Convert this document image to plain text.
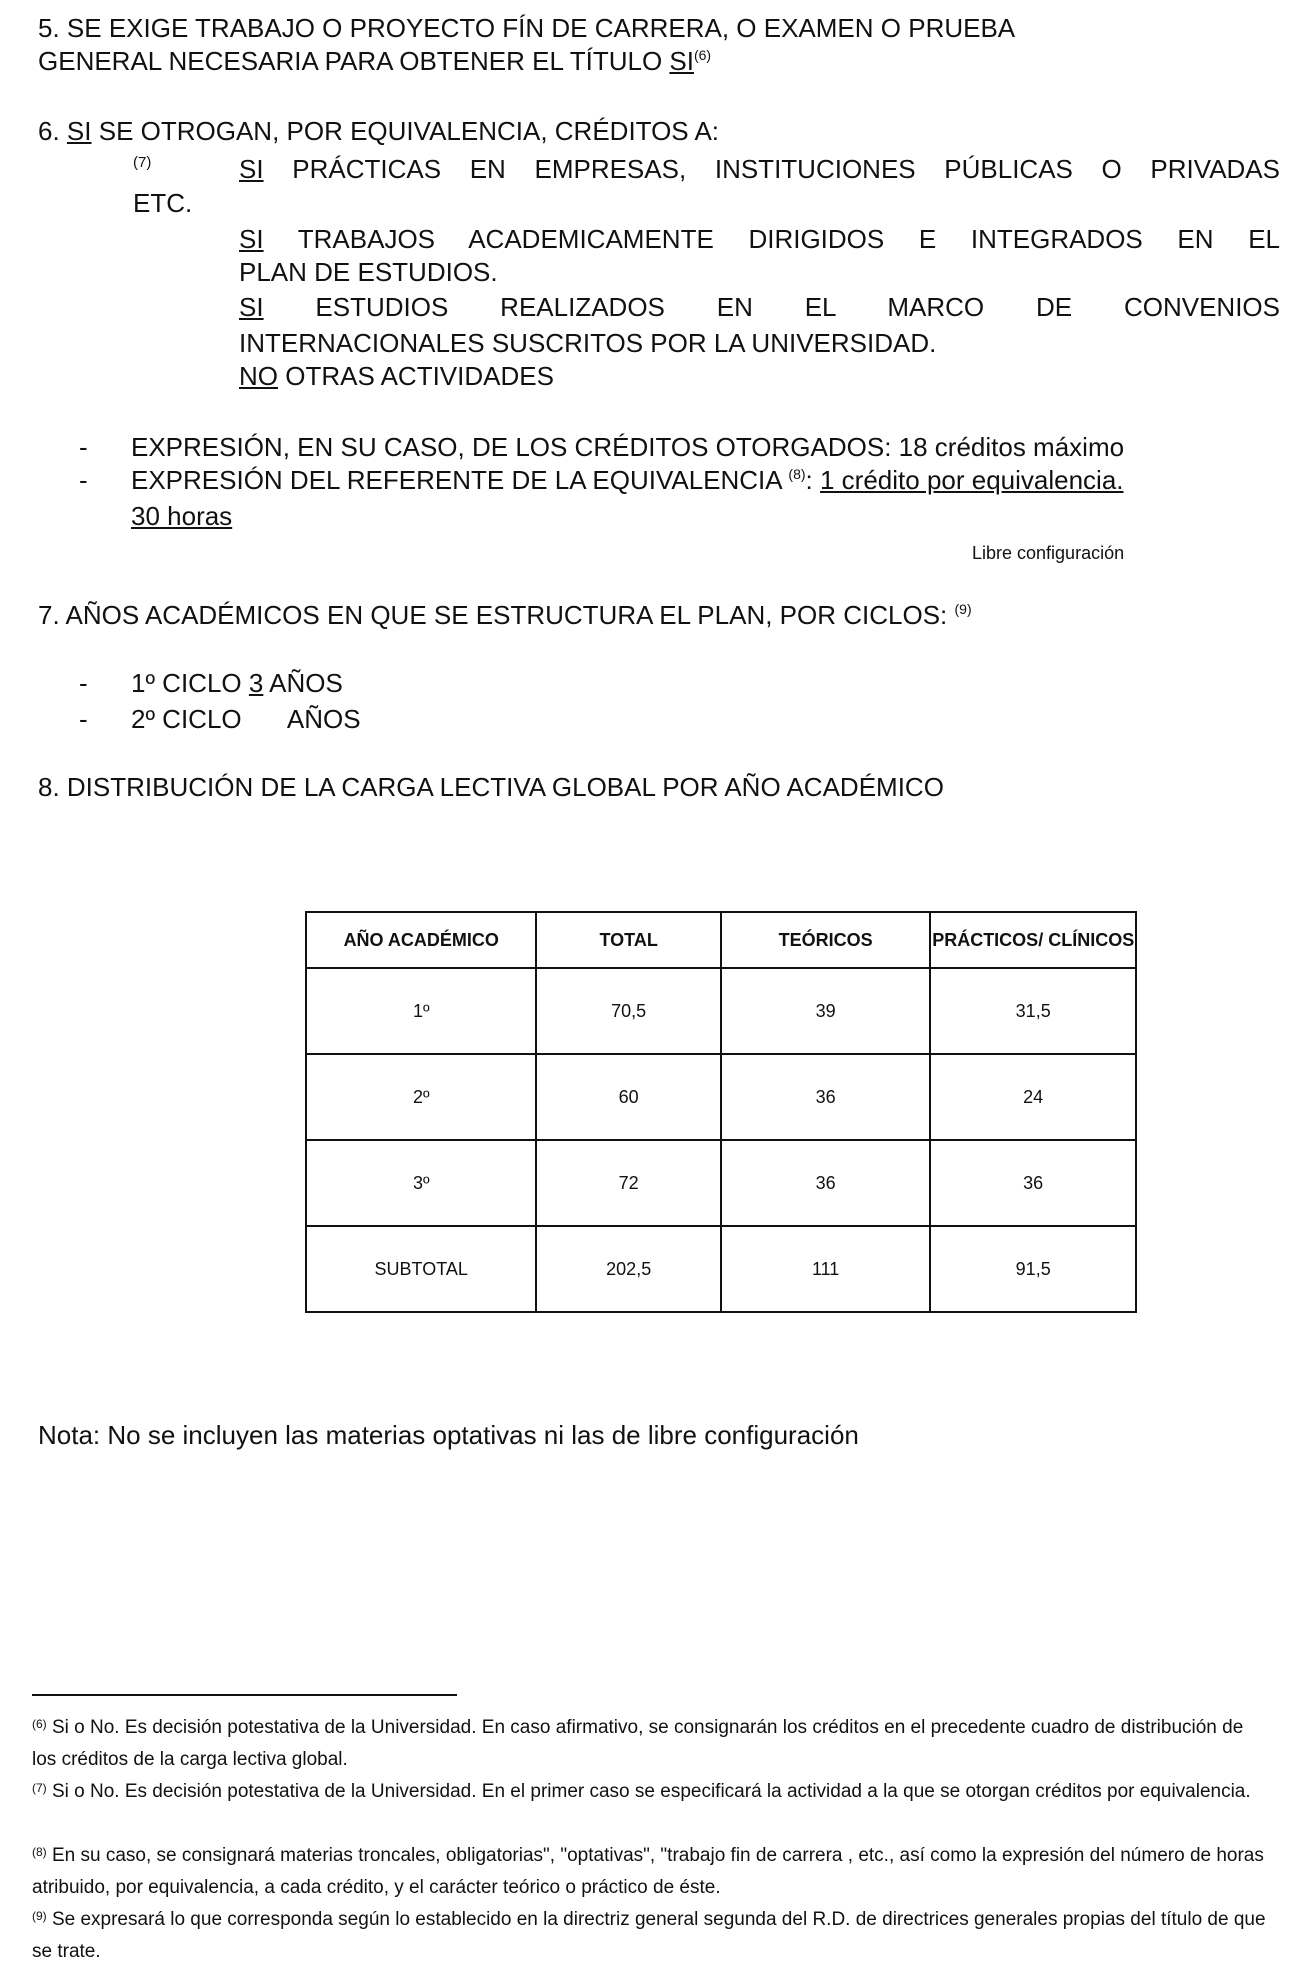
5. SE EXIGE TRABAJO O PROYECTO FÍN DE CARRERA, O EXAMEN O PRUEBA
GENERAL NECESARIA PARA OBTENER EL TÍTULO SI$^{(6)}$
6. SI SE OTROGAN, POR EQUIVALENCIA, CRÉDITOS A:
(7)	SI PRÁCTICAS EN EMPRESAS, INSTITUCIONES PÚBLICAS O PRIVADAS
ETC.
SI TRABAJOS ACADEMICAMENTE DIRIGIDOS E INTEGRADOS EN EL
PLAN DE ESTUDIOS.
SI ESTUDIOS REALIZADOS EN EL MARCO DE CONVENIOS
INTERNACIONALES SUSCRITOS POR LA UNIVERSIDAD.
NO OTRAS ACTIVIDADES
- EXPRESIÓN, EN SU CASO, DE LOS CRÉDITOS OTORGADOS: 18 créditos máximo
- EXPRESIÓN DEL REFERENTE DE LA EQUIVALENCIA $^{(8)}$: 1 crédito por equivalencia.
30 horas
Libre configuración
7. AÑOS ACADÉMICOS EN QUE SE ESTRUCTURA EL PLAN, POR CICLOS: $^{(9)}$
- 1º CICLO 3 AÑOS
- 2º CICLO AÑOS
8. DISTRIBUCIÓN DE LA CARGA LECTIVA GLOBAL POR AÑO ACADÉMICO
AÑO ACADÉMICO	TOTAL	TEÓRICOS	PRÁCTICOS/ CLÍNICOS
1º	70,5	39	31,5
2º	60	36	24
3º	72	36	36
SUBTOTAL	202,5	111	91,5
Nota: No se incluyen las materias optativas ni las de libre configuración
$^{(6)}$ Si o No. Es decisión potestativa de la Universidad. En caso afirmativo, se consignarán los créditos en el precedente cuadro de distribución de los créditos de la carga lectiva global.
$^{(7)}$ Si o No. Es decisión potestativa de la Universidad. En el primer caso se especificará la actividad a la que se otorgan créditos por equivalencia.
$^{(8)}$ En su caso, se consignará materias troncales, obligatorias", "optativas", "trabajo fin de carrera , etc., así como la expresión del número de horas atribuido, por equivalencia, a cada crédito, y el carácter teórico o práctico de éste.
$^{(9)}$ Se expresará lo que corresponda según lo establecido en la directriz general segunda del R.D. de directrices generales propias del título de que se trate.
